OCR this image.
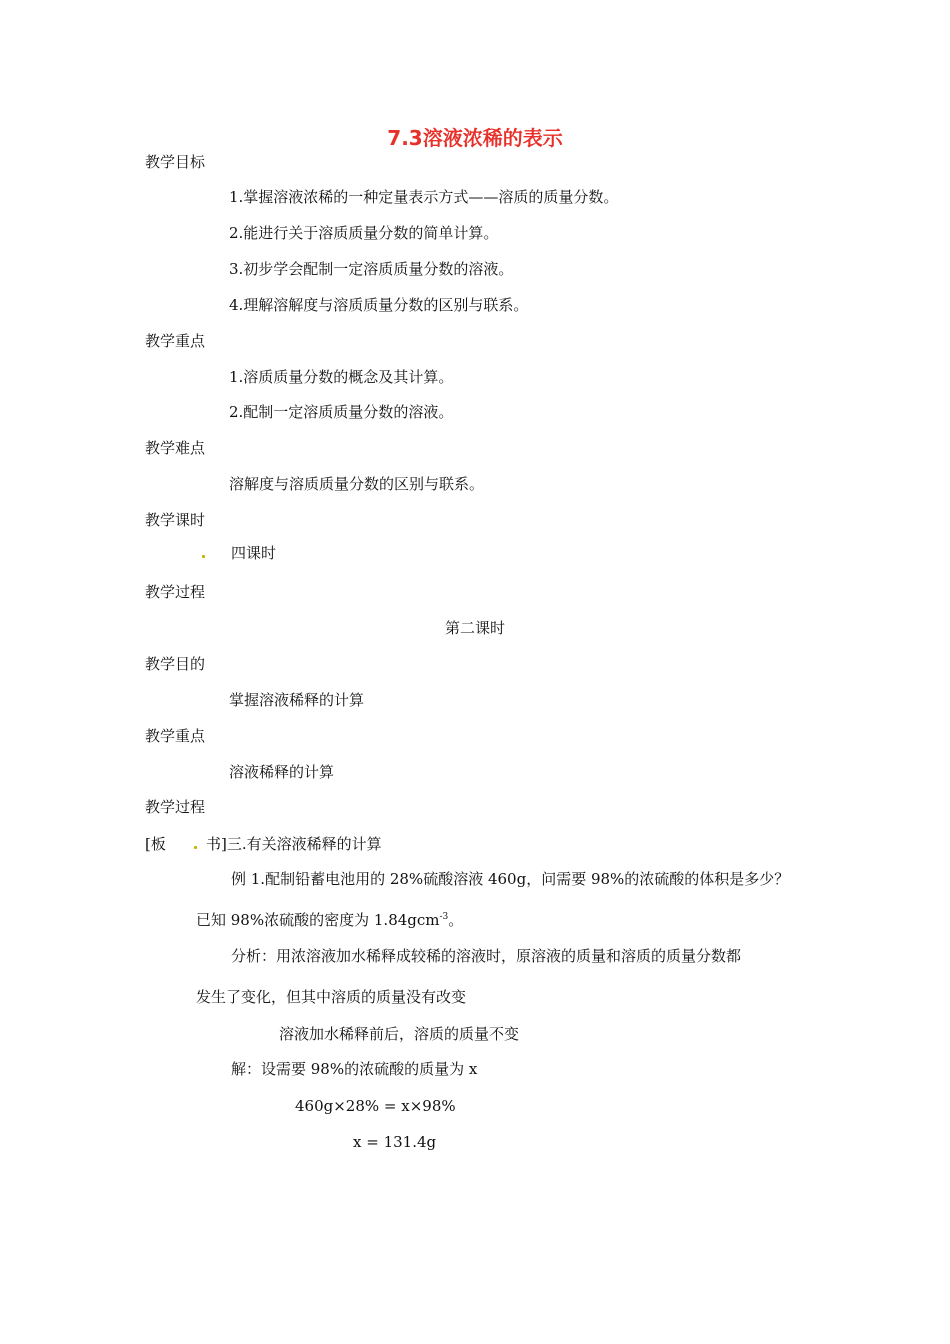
7.3溶液浓稀的表示
教学目标
1.掌握溶液浓稀的一种定量表示方式——溶质的质量分数。
2.能进行关于溶质质量分数的简单计算。
3.初步学会配制一定溶质质量分数的溶液。
4.理解溶解度与溶质质量分数的区别与联系。
教学重点
1.溶质质量分数的概念及其计算。
2.配制一定溶质质量分数的溶液。
教学难点
溶解度与溶质质量分数的区别与联系。
教学课时
四课时
教学过程
第二课时
教学目的
掌握溶液稀释的计算
教学重点
溶液稀释的计算
教学过程
[板	书]三.有关溶液稀释的计算
例 1.配制铅蓄电池用的 28%硫酸溶液 460g，问需要 98%的浓硫酸的体积是多少？
已知 98%浓硫酸的密度为 1.84gcm$^{-3}$。
分析：用浓溶液加水稀释成较稀的溶液时，原溶液的质量和溶质的质量分数都
发生了变化，但其中溶质的质量没有改变
溶液加水稀释前后，溶质的质量不变
解：设需要 98%的浓硫酸的质量为 x
460g×28% = x×98%
x = 131.4g
